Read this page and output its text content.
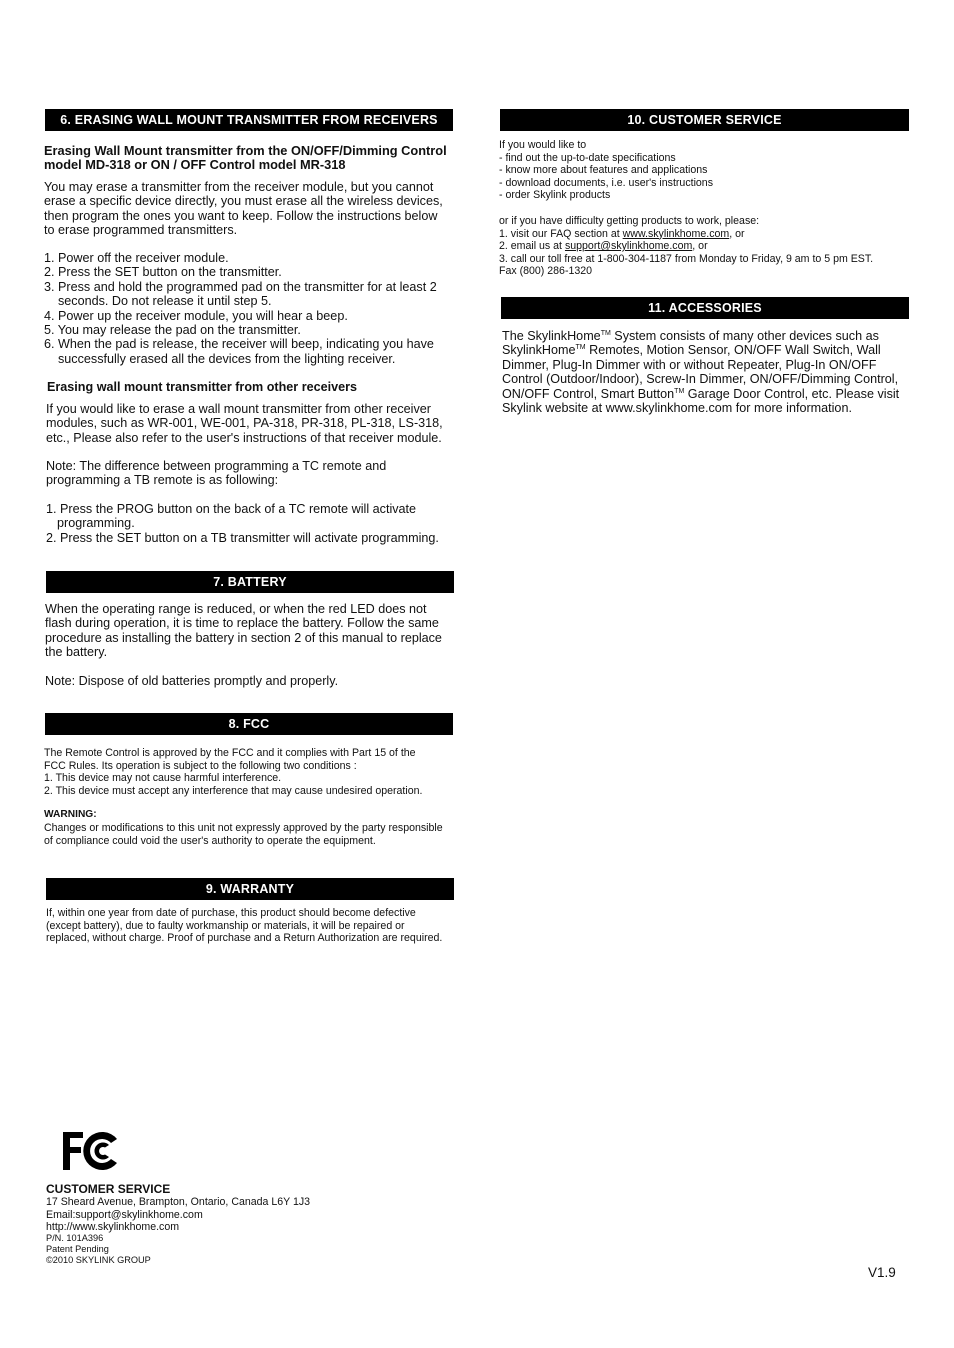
6. ERASING WALL MOUNT TRANSMITTER FROM RECEIVERS
Erasing Wall Mount transmitter from the ON/OFF/Dimming Control
model MD-318 or ON / OFF Control model MR-318
You may erase a transmitter from the receiver module, but you cannot
erase a specific device directly, you must erase all the wireless devices,
then program the ones you want to keep. Follow the instructions below
to erase programmed transmitters.
1. Power off the receiver module.
2. Press the SET button on the transmitter.
3. Press and hold the programmed pad on the transmitter for at least 2
seconds. Do not release it until step 5.
4. Power up the receiver module, you will hear a beep.
5. You may release the pad on the transmitter.
6. When the pad is release, the receiver will beep, indicating you have
successfully erased all the devices from the lighting receiver.
Erasing wall mount transmitter from other receivers
If you would like to erase a wall mount transmitter from other receiver
modules, such as WR-001, WE-001, PA-318, PR-318, PL-318, LS-318,
etc., Please also refer to the user's instructions of that receiver module.
Note: The difference between programming a TC remote and
programming a TB remote is as following:
1. Press the PROG button on the back of a TC remote will activate
programming.
2. Press the SET button on a TB transmitter will activate programming.
7. BATTERY
When the operating range is reduced, or when the red LED does not
flash during operation, it is time to replace the battery. Follow the same
procedure as installing the battery in section 2 of this manual to replace
the battery.
Note: Dispose of old batteries promptly and properly.
8. FCC
The Remote Control is approved by the FCC and it complies with Part 15 of the
FCC Rules. Its operation is subject to the following two conditions :
1. This device may not cause harmful interference.
2. This device must accept any interference that may cause undesired operation.
WARNING:
Changes or modifications to this unit not expressly approved by the party responsible
of compliance could void the user's authority to operate the equipment.
9. WARRANTY
If, within one year from date of purchase, this product should become defective
(except battery), due to faulty workmanship or materials, it will be repaired or
replaced, without charge. Proof of purchase and a Return Authorization are required.
10. CUSTOMER SERVICE
If you would like to
- find out the up-to-date specifications
- know more about features and applications
- download documents, i.e. user's instructions
- order Skylink products
or if you have difficulty getting products to work, please:
1. visit our FAQ section at www.skylinkhome.com, or
2. email us at support@skylinkhome.com, or
3. call our toll free at 1-800-304-1187 from Monday to Friday, 9 am to 5 pm EST.
Fax (800) 286-1320
11. ACCESSORIES
The SkylinkHome™ System consists of many other devices such as
SkylinkHome™ Remotes, Motion Sensor, ON/OFF Wall Switch, Wall
Dimmer, Plug-In Dimmer with or without Repeater, Plug-In ON/OFF
Control (Outdoor/Indoor), Screw-In Dimmer, ON/OFF/Dimming Control,
ON/OFF Control, Smart Button™ Garage Door Control, etc. Please visit
Skylink website at www.skylinkhome.com for more information.
CUSTOMER SERVICE
17 Sheard Avenue, Brampton, Ontario, Canada L6Y 1J3
Email:support@skylinkhome.com
http://www.skylinkhome.com
P/N. 101A396
Patent Pending
©2010 SKYLINK GROUP
V1.9
